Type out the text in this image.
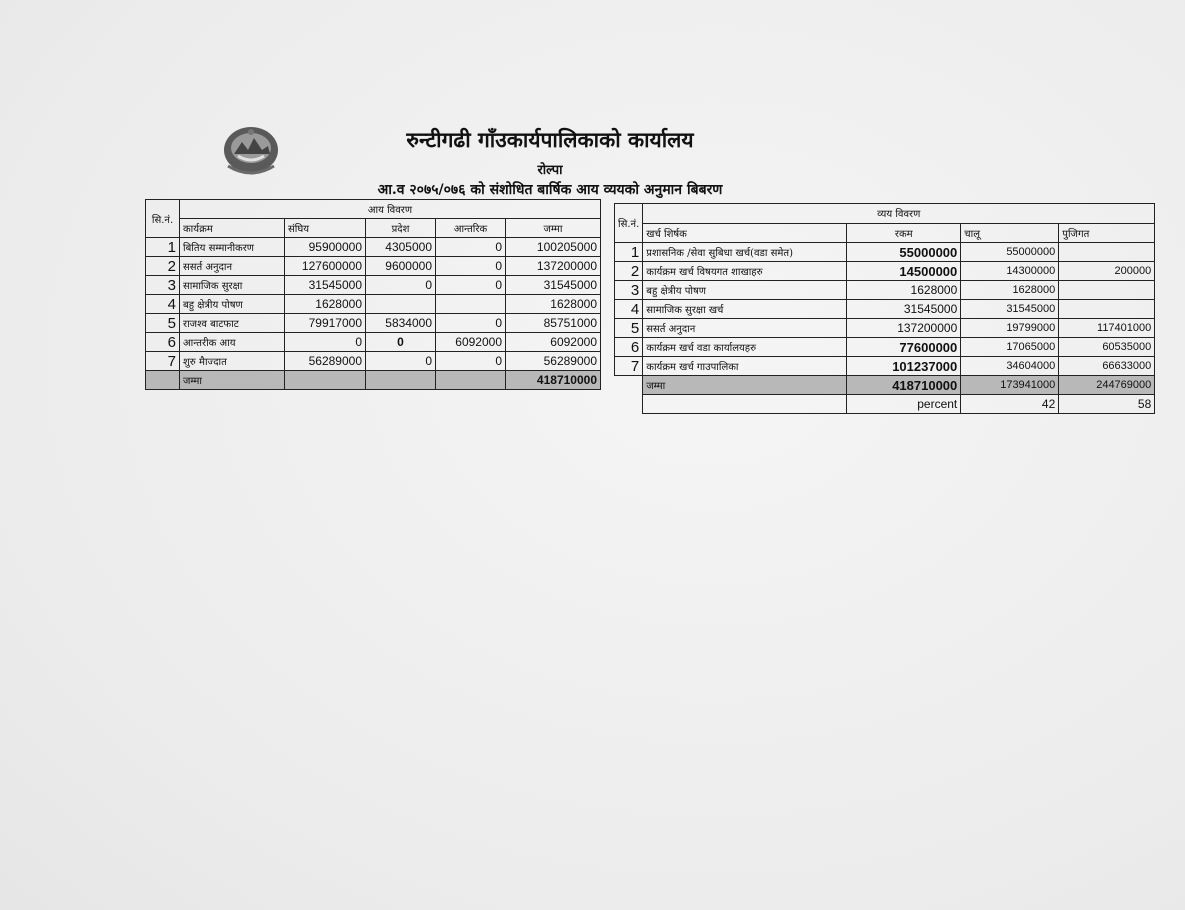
रुन्टीगढी गाँउकार्यपालिकाको कार्यालय
रोल्पा
आ.व २०७५/०७६ को संशोधित बार्षिक आय व्ययको अनुमान बिबरण
सि.नं.	आय विवरण				
	कार्यक्रम	संघिय	प्रदेश	आन्तरिक	जम्मा
1	बितिय सम्मानीकरण	95900000	4305000	0	100205000
2	ससर्त अनुदान	127600000	9600000	0	137200000
3	सामाजिक सुरक्षा	31545000	0	0	31545000
4	बहु क्षेत्रीय पोषण	1628000			1628000
5	राजश्व बाटफाट	79917000	5834000	0	85751000
6	आन्तरीक आय	0	0	6092000	6092000
7	शुरु मैाज्दात	56289000	0	0	56289000
	जम्मा				418710000
सि.नं.	व्यय विवरण			
	खर्च शिर्षक	रकम	चालू	पुजिगत
1	प्रशासनिक /सेवा सुबिधा खर्च(वडा समेत)	55000000	55000000	
2	कार्यक्रम खर्च विषयगत शाखाहरु	14500000	14300000	200000
3	बहु क्षेत्रीय पोषण	1628000	1628000	
4	सामाजिक सुरक्षा खर्च	31545000	31545000	
5	ससर्त अनुदान	137200000	19799000	117401000
6	कार्यक्रम खर्च वडा कार्यालयहरु	77600000	17065000	60535000
7	कार्यक्रम खर्च गाउपालिका	101237000	34604000	66633000
	जम्मा	418710000	173941000	244769000
		percent	42	58
